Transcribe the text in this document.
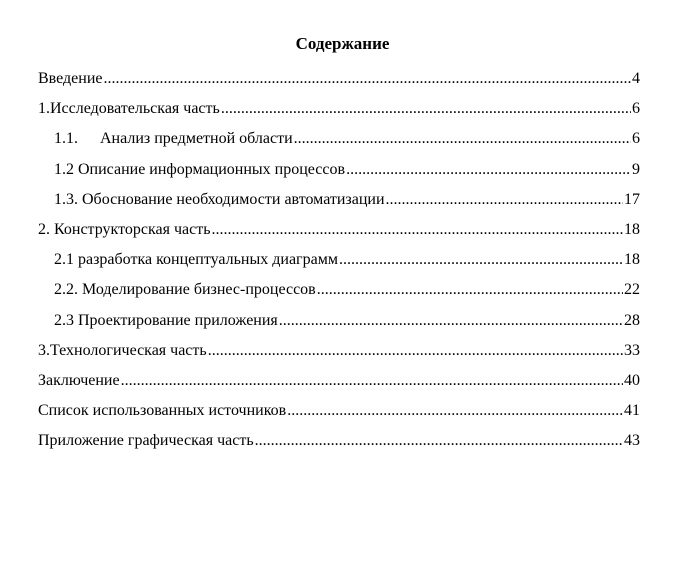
Содержание
Введение .....	4
1.Исследовательская часть .....	6
1.1.	Анализ предметной области .....	6
1.2 Описание информационных процессов .....	9
1.3. Обоснование необходимости автоматизации .....	17
2. Конструкторская часть .....	18
2.1 разработка концептуальных диаграмм .....	18
2.2. Моделирование бизнес-процессов .....	22
2.3 Проектирование приложения .....	28
3.Технологическая часть .....	33
Заключение .....	40
Список использованных источников .....	41
Приложение графическая часть .....	43
